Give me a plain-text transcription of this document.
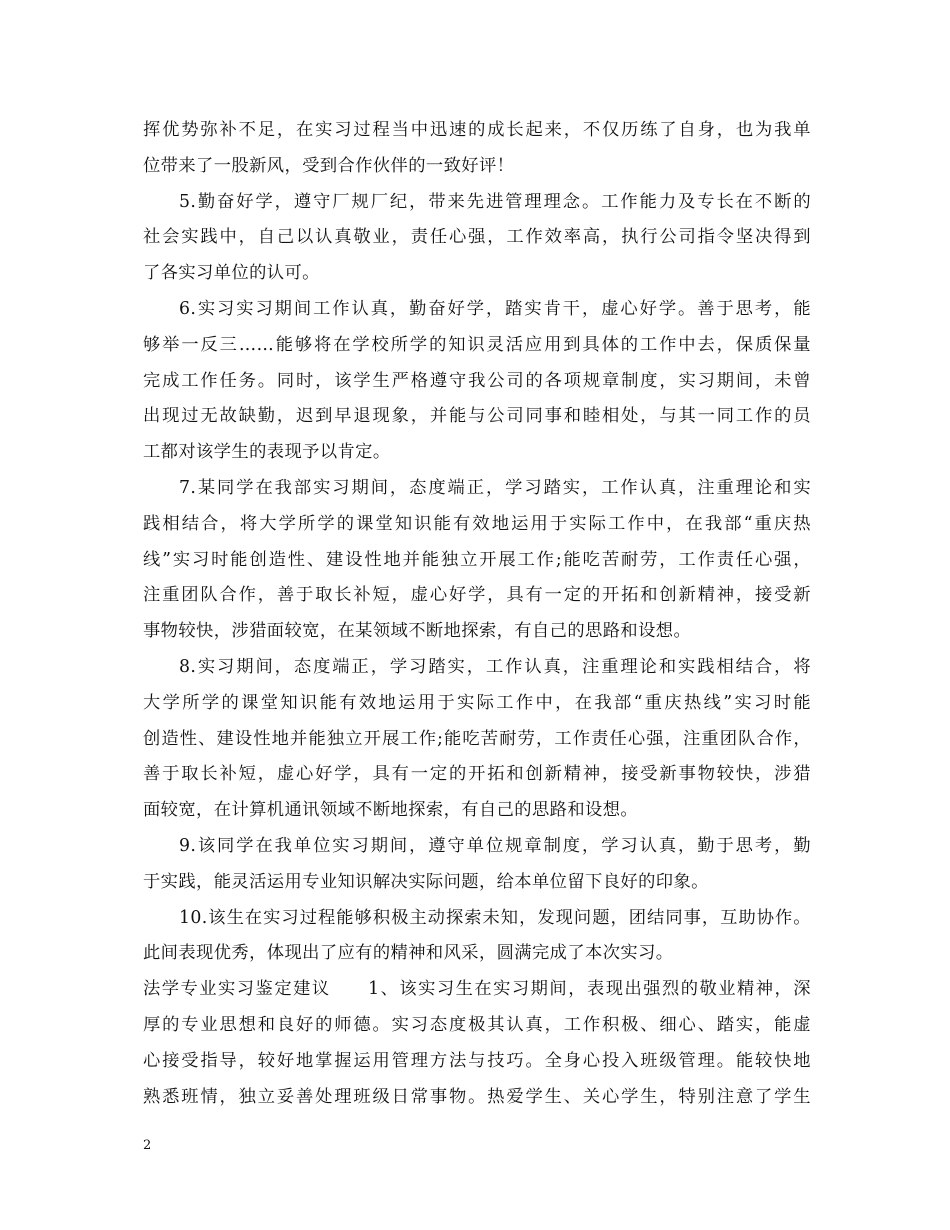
挥优势弥补不足，在实习过程当中迅速的成长起来，不仅历练了自身，也为我单
位带来了一股新风，受到合作伙伴的一致好评！
5.勤奋好学，遵守厂规厂纪，带来先进管理理念。工作能力及专长在不断的
社会实践中，自己以认真敬业，责任心强，工作效率高，执行公司指令坚决得到
了各实习单位的认可。
6.实习实习期间工作认真，勤奋好学，踏实肯干，虚心好学。善于思考，能
够举一反三……能够将在学校所学的知识灵活应用到具体的工作中去，保质保量
完成工作任务。同时，该学生严格遵守我公司的各项规章制度，实习期间，未曾
出现过无故缺勤，迟到早退现象，并能与公司同事和睦相处，与其一同工作的员
工都对该学生的表现予以肯定。
7.某同学在我部实习期间，态度端正，学习踏实，工作认真，注重理论和实
践相结合，将大学所学的课堂知识能有效地运用于实际工作中，在我部“重庆热
线”实习时能创造性、建设性地并能独立开展工作;能吃苦耐劳，工作责任心强，
注重团队合作，善于取长补短，虚心好学，具有一定的开拓和创新精神，接受新
事物较快，涉猎面较宽，在某领域不断地探索，有自己的思路和设想。
8.实习期间，态度端正，学习踏实，工作认真，注重理论和实践相结合，将
大学所学的课堂知识能有效地运用于实际工作中，在我部“重庆热线”实习时能
创造性、建设性地并能独立开展工作;能吃苦耐劳，工作责任心强，注重团队合作，
善于取长补短，虚心好学，具有一定的开拓和创新精神，接受新事物较快，涉猎
面较宽，在计算机通讯领域不断地探索，有自己的思路和设想。
9.该同学在我单位实习期间，遵守单位规章制度，学习认真，勤于思考，勤
于实践，能灵活运用专业知识解决实际问题，给本单位留下良好的印象。
10.该生在实习过程能够积极主动探索未知，发现问题，团结同事，互助协作。
此间表现优秀，体现出了应有的精神和风采，圆满完成了本次实习。
法学专业实习鉴定建议　　1、该实习生在实习期间，表现出强烈的敬业精神，深
厚的专业思想和良好的师德。实习态度极其认真，工作积极、细心、踏实，能虚
心接受指导，较好地掌握运用管理方法与技巧。全身心投入班级管理。能较快地
熟悉班情，独立妥善处理班级日常事物。热爱学生、关心学生，特别注意了学生
2
